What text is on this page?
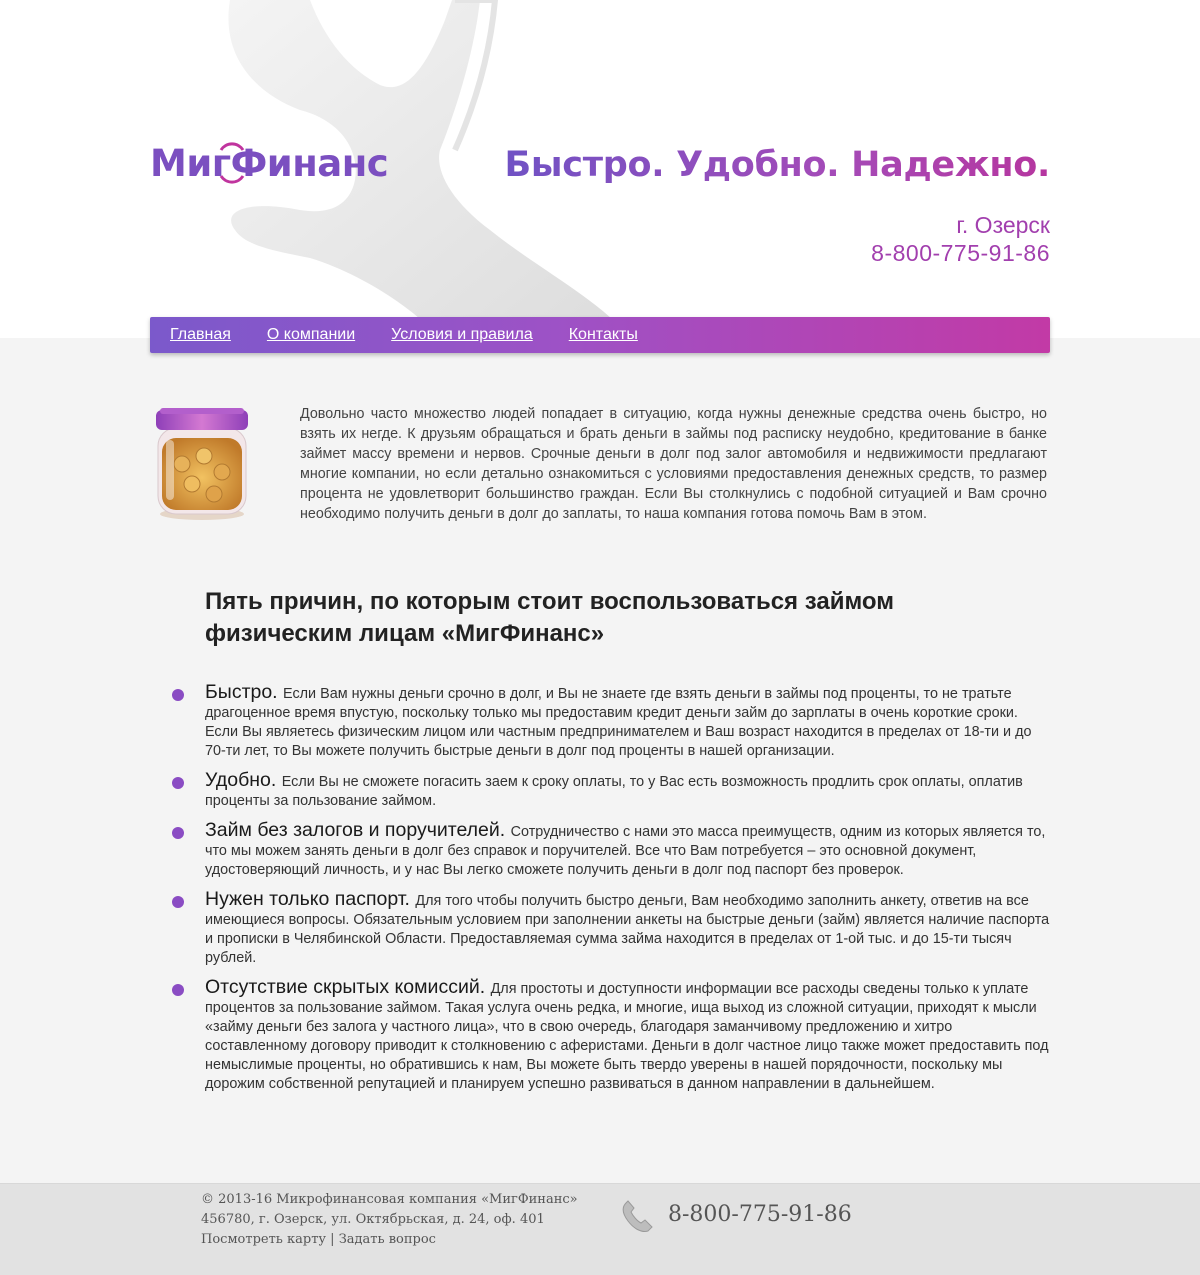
МигФинанс	Быстро. Удобно. Надежно.
г. Озерск
8-800-775-91-86
Главная О компании Условия и правила Контакты

Довольно часто множество людей попадает в ситуацию, когда нужны денежные средства очень быстро, но взять их негде. К друзьям обращаться и брать деньги в займы под расписку неудобно, кредитование в банке займет массу времени и нервов. Срочные деньги в долг под залог автомобиля и недвижимости предлагают многие компании, но если детально ознакомиться с условиями предоставления денежных средств, то размер процента не удовлетворит большинство граждан. Если Вы столкнулись с подобной ситуацией и Вам срочно необходимо получить деньги в долг до заплаты, то наша компания готова помочь Вам в этом.

Пять причин, по которым стоит воспользоваться займом физическим лицам «МигФинанс»
Быстро. Если Вам нужны деньги срочно в долг, и Вы не знаете где взять деньги в займы под проценты, то не тратьте драгоценное время впустую, поскольку только мы предоставим кредит деньги займ до зарплаты в очень короткие сроки. Если Вы являетесь физическим лицом или частным предпринимателем и Ваш возраст находится в пределах от 18-ти и до 70-ти лет, то Вы можете получить быстрые деньги в долг под проценты в нашей организации.
Удобно. Если Вы не сможете погасить заем к сроку оплаты, то у Вас есть возможность продлить срок оплаты, оплатив проценты за пользование займом.
Займ без залогов и поручителей. Сотрудничество с нами это масса преимуществ, одним из которых является то, что мы можем занять деньги в долг без справок и поручителей. Все что Вам потребуется – это основной документ, удостоверяющий личность, и у нас Вы легко сможете получить деньги в долг под паспорт без проверок.
Нужен только паспорт. Для того чтобы получить быстро деньги, Вам необходимо заполнить анкету, ответив на все имеющиеся вопросы. Обязательным условием при заполнении анкеты на быстрые деньги (займ) является наличие паспорта и прописки в Челябинской Области. Предоставляемая сумма займа находится в пределах от 1-ой тыс. и до 15-ти тысяч рублей.
Отсутствие скрытых комиссий. Для простоты и доступности информации все расходы сведены только к уплате процентов за пользование займом. Такая услуга очень редка, и многие, ища выход из сложной ситуации, приходят к мысли «займу деньги без залога у частного лица», что в свою очередь, благодаря заманчивому предложению и хитро составленному договору приводит к столкновению с аферистами. Деньги в долг частное лицо также может предоставить под немыслимые проценты, но обратившись к нам, Вы можете быть твердо уверены в нашей порядочности, поскольку мы дорожим собственной репутацией и планируем успешно развиваться в данном направлении в дальнейшем.
© 2013-16 Микрофинансовая компания «МигФинанс»
456780, г. Озерск, ул. Октябрьская, д. 24, оф. 401
Посмотреть карту | Задать вопрос
8-800-775-91-86
